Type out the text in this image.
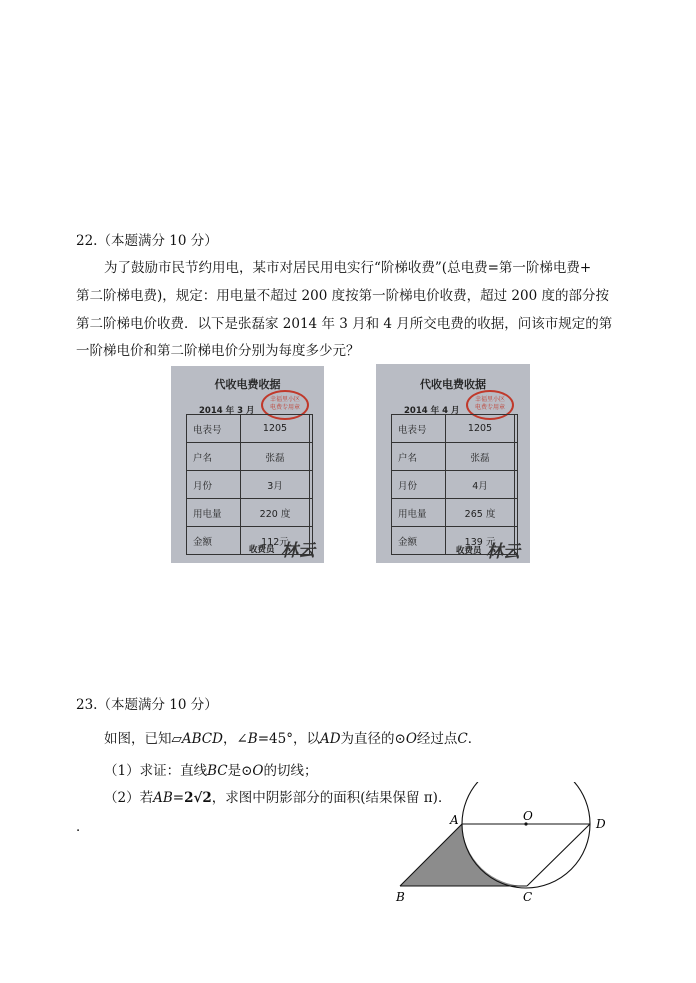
22.（本题满分 10 分）
为了鼓励市民节约用电，某市对居民用电实行“阶梯收费”(总电费=第一阶梯电费+
第二阶梯电费)，规定：用电量不超过 200 度按第一阶梯电价收费，超过 200 度的部分按
第二阶梯电价收费．以下是张磊家 2014 年 3 月和 4 月所交电费的收据，问该市规定的第
一阶梯电价和第二阶梯电价分别为每度多少元？
代收电费收据
2014 年 3 月
幸福里小区
电费专用章
电表号	1205	
户名	张磊	
月份	3月	
用电量	220 度	
金额	112元	
收费员 林云
代收电费收据
2014 年 4 月
幸福里小区
电费专用章
电表号	1205	
户名	张磊	
月份	4月	
用电量	265 度	
金额	139 元	
收费员 林云
23.（本题满分 10 分）
如图，已知▱ABCD，∠B=45°，以AD为直径的⊙O经过点C．
（1）求证：直线BC是⊙O的切线；
（2）若AB=2√2，求图中阴影部分的面积(结果保留 π)．
．	A
B	C
D
O
